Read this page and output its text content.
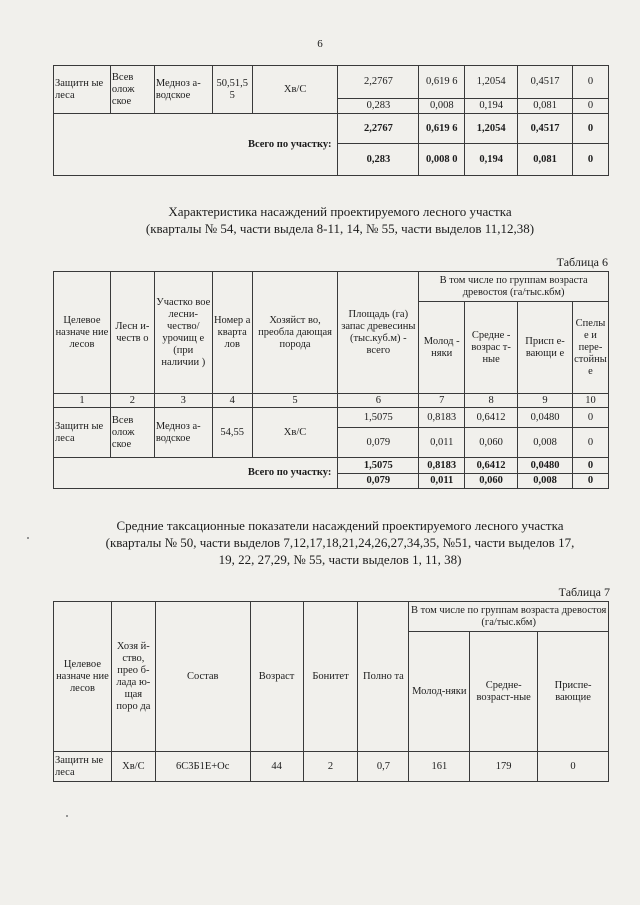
6
Защитн ые леса	Всев олож ское	Медноз а-водское	50,51,5 5	Хв/С	2,2767	0,619 6	1,2054	0,4517	0
					0,283	0,008	0,194	0,081	0
Всего по участку:					2,2767	0,619 6	1,2054	0,4517	0
					0,283	0,008 0	0,194	0,081	0
Характеристика насаждений проектируемого лесного участка
(кварталы № 54, части выдела 8-11, 14, № 55, части выделов 11,12,38)
Таблица 6
Целевое назначе ние лесов	Лесн и-честв о	Участко вое лесни-чество/ урочищ е (при наличии )	Номер а кварта лов	Хозяйст во, преобла дающая порода	Площадь (га) запас древесины (тыс.куб.м) - всего	В том числе по группам возраста древостоя (га/тыс.кбм)			
						Молод - няки	Средне - возрас т-ные	Присп е-вающи е	Спелы е и пере-стойны е
1	2	3	4	5	6	7	8	9	10
Защитн ые леса	Всев олож ское	Медноз а-водское	54,55	Хв/С	1,5075	0,8183	0,6412	0,0480	0
					0,079	0,011	0,060	0,008	0
Всего по участку:					1,5075	0,8183	0,6412	0,0480	0
					0,079	0,011	0,060	0,008	0
Средние таксационные показатели насаждений проектируемого лесного участка
(кварталы № 50, части выделов 7,12,17,18,21,24,26,27,34,35, №51, части выделов 17,
19, 22, 27,29, № 55, части выделов 1, 11, 38)
Таблица 7
Целевое назначе ние лесов	Хозя й-ство, прео б-лада ю-щая поро да	Состав	Возраст	Бонитет	Полно та	В том числе по группам возраста древостоя (га/тыс.кбм)		
						Молод-няки	Средне-возраст-ные	Приспе-вающие
Защитн ые леса	Хв/С	6С3Б1Е+Ос	44	2	0,7	161	179	0
